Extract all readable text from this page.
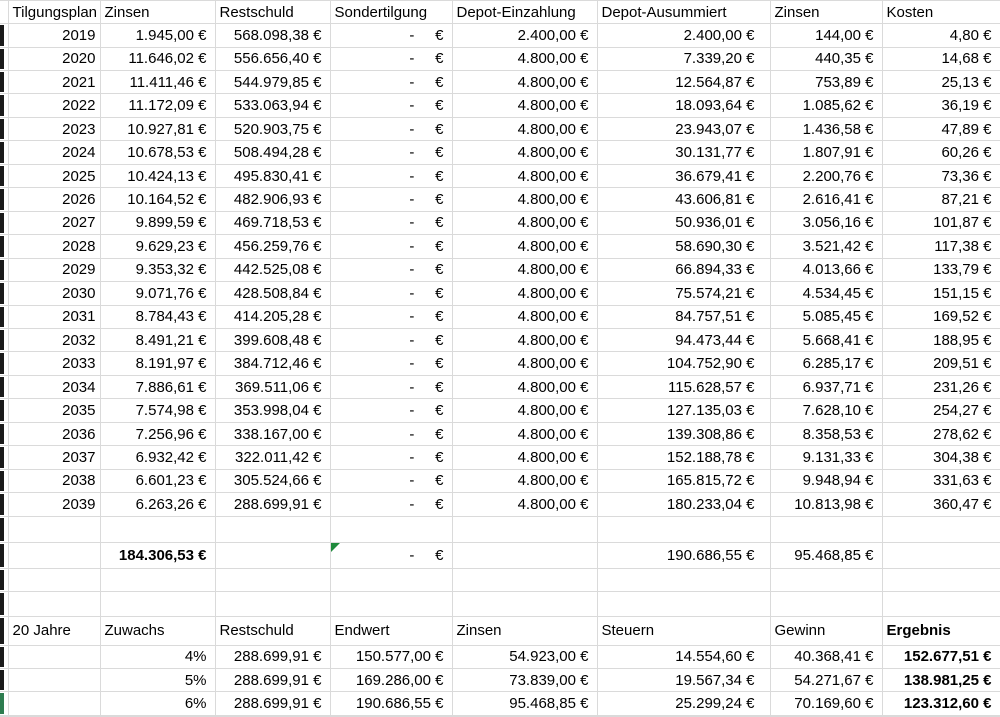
	Tilgungsplan	Zinsen	Restschuld	Sondertilgung	Depot-Einzahlung	Depot-Ausummiert	Zinsen	Kosten

	2019	1.945,00 €	568.098,38 €	-     €	2.400,00 €	2.400,00 €	144,00 €	4,80 €

	2020	11.646,02 €	556.656,40 €	-     €	4.800,00 €	7.339,20 €	440,35 €	14,68 €

	2021	11.411,46 €	544.979,85 €	-     €	4.800,00 €	12.564,87 €	753,89 €	25,13 €

	2022	11.172,09 €	533.063,94 €	-     €	4.800,00 €	18.093,64 €	1.085,62 €	36,19 €

	2023	10.927,81 €	520.903,75 €	-     €	4.800,00 €	23.943,07 €	1.436,58 €	47,89 €

	2024	10.678,53 €	508.494,28 €	-     €	4.800,00 €	30.131,77 €	1.807,91 €	60,26 €

	2025	10.424,13 €	495.830,41 €	-     €	4.800,00 €	36.679,41 €	2.200,76 €	73,36 €

	2026	10.164,52 €	482.906,93 €	-     €	4.800,00 €	43.606,81 €	2.616,41 €	87,21 €

	2027	9.899,59 €	469.718,53 €	-     €	4.800,00 €	50.936,01 €	3.056,16 €	101,87 €

	2028	9.629,23 €	456.259,76 €	-     €	4.800,00 €	58.690,30 €	3.521,42 €	117,38 €

	2029	9.353,32 €	442.525,08 €	-     €	4.800,00 €	66.894,33 €	4.013,66 €	133,79 €

	2030	9.071,76 €	428.508,84 €	-     €	4.800,00 €	75.574,21 €	4.534,45 €	151,15 €

	2031	8.784,43 €	414.205,28 €	-     €	4.800,00 €	84.757,51 €	5.085,45 €	169,52 €

	2032	8.491,21 €	399.608,48 €	-     €	4.800,00 €	94.473,44 €	5.668,41 €	188,95 €

	2033	8.191,97 €	384.712,46 €	-     €	4.800,00 €	104.752,90 €	6.285,17 €	209,51 €

	2034	7.886,61 €	369.511,06 €	-     €	4.800,00 €	115.628,57 €	6.937,71 €	231,26 €

	2035	7.574,98 €	353.998,04 €	-     €	4.800,00 €	127.135,03 €	7.628,10 €	254,27 €

	2036	7.256,96 €	338.167,00 €	-     €	4.800,00 €	139.308,86 €	8.358,53 €	278,62 €

	2037	6.932,42 €	322.011,42 €	-     €	4.800,00 €	152.188,78 €	9.131,33 €	304,38 €

	2038	6.601,23 €	305.524,66 €	-     €	4.800,00 €	165.815,72 €	9.948,94 €	331,63 €

	2039	6.263,26 €	288.699,91 €	-     €	4.800,00 €	180.233,04 €	10.813,98 €	360,47 €

		184.306,53 €		-     €		190.686,55 €	95.468,85 €	

	20 Jahre	Zuwachs	Restschuld	Endwert	Zinsen	Steuern	Gewinn	Ergebnis

		4%	288.699,91 €	150.577,00 €	54.923,00 €	14.554,60 €	40.368,41 €	152.677,51 €

		5%	288.699,91 €	169.286,00 €	73.839,00 €	19.567,34 €	54.271,67 €	138.981,25 €

		6%	288.699,91 €	190.686,55 €	95.468,85 €	25.299,24 €	70.169,60 €	123.312,60 €
